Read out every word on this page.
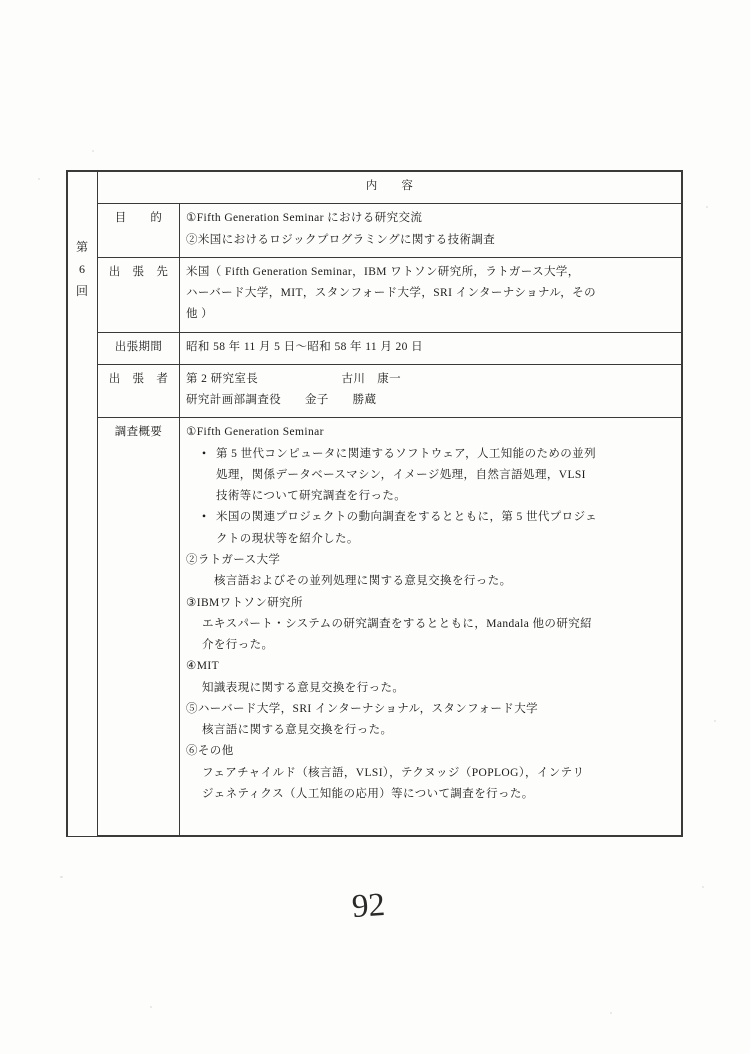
第
6
回	内　　容	
	目　　的	①Fifth Generation Seminar における研究交流
②米国におけるロジックプログラミングに関する技術調査

	出　張　先	米国（ Fifth Generation Seminar，IBM ワトソン研究所，ラトガース大学，
ハーバード大学，MIT，スタンフォード大学，SRI インターナショナル，その
他 ）

	出張期間	昭和 58 年 11 月 5 日〜昭和 58 年 11 月 20 日

	出　張　者	第 2 研究室長　　　　　　　古川　康一
研究計画部調査役　　金子　　勝蔵

調査概要	①Fifth Generation Seminar
• 第 5 世代コンピュータに関連するソフトウェア，人工知能のための並列
処理，関係データベースマシン，イメージ処理，自然言語処理，VLSI
技術等について研究調査を行った。
• 米国の関連プロジェクトの動向調査をするとともに，第 5 世代プロジェ
クトの現状等を紹介した。
②ラトガース大学
核言語およびその並列処理に関する意見交換を行った。
③IBMワトソン研究所
エキスパート・システムの研究調査をするとともに，Mandala 他の研究紹
介を行った。
④MIT
知識表現に関する意見交換を行った。
⑤ハーバード大学，SRI インターナショナル，スタンフォード大学
核言語に関する意見交換を行った。
⑥その他
フェアチャイルド（核言語，VLSI），テクヌッジ（POPLOG），インテリ
ジェネティクス（人工知能の応用）等について調査を行った。
92
